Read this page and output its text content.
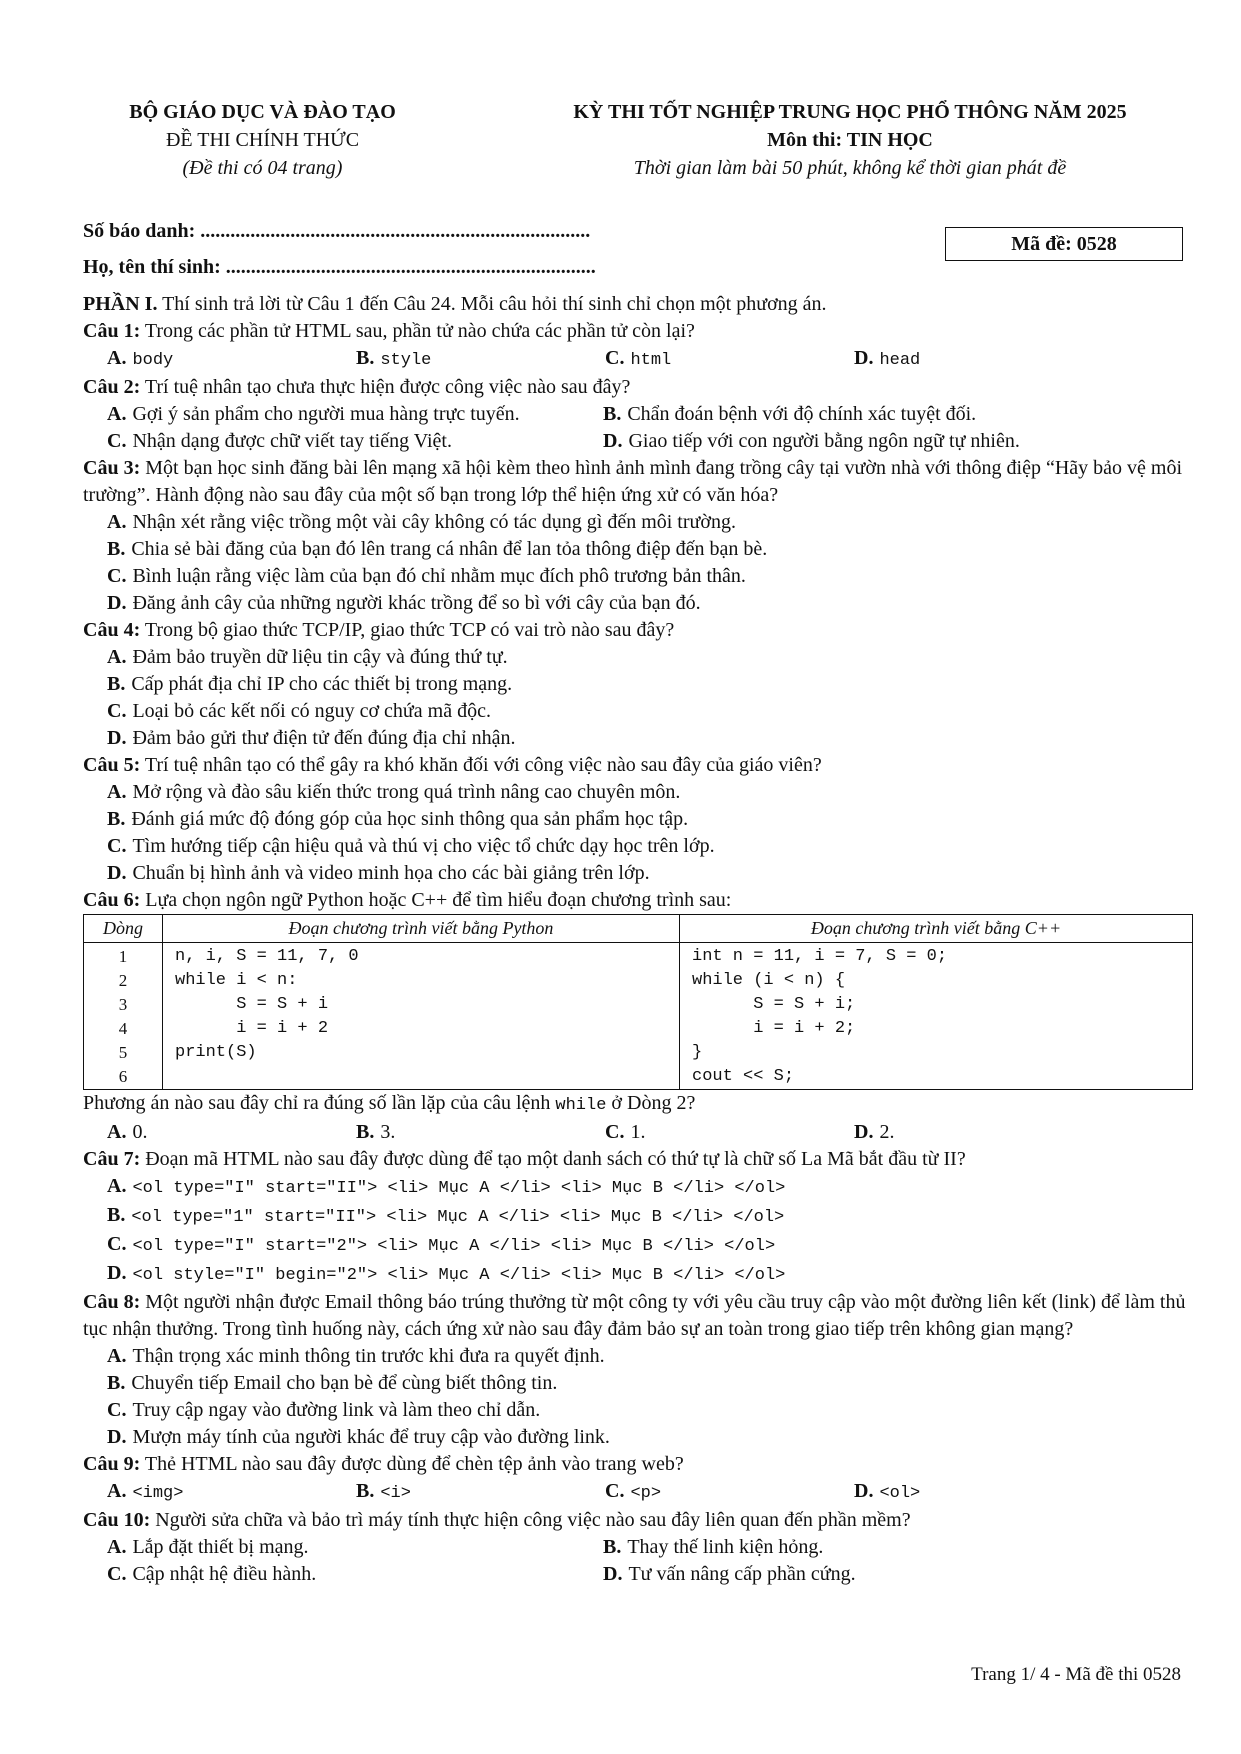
BỘ GIÁO DỤC VÀ ĐÀO TẠO
ĐỀ THI CHÍNH THỨC
(Đề thi có 04 trang)
KỲ THI TỐT NGHIỆP TRUNG HỌC PHỔ THÔNG NĂM 2025
Môn thi: TIN HỌC
Thời gian làm bài 50 phút, không kể thời gian phát đề
Số báo danh: ..............................................................................
Họ, tên thí sinh: ..........................................................................
Mã đề: 0528

PHẦN I. Thí sinh trả lời từ Câu 1 đến Câu 24. Mỗi câu hỏi thí sinh chỉ chọn một phương án.

Câu 1: Trong các phần tử HTML sau, phần tử nào chứa các phần tử còn lại?

A. body	B. style	C. html	D. head

Câu 2: Trí tuệ nhân tạo chưa thực hiện được công việc nào sau đây?

A. Gợi ý sản phẩm cho người mua hàng trực tuyến.	B. Chẩn đoán bệnh với độ chính xác tuyệt đối.
C. Nhận dạng được chữ viết tay tiếng Việt.	D. Giao tiếp với con người bằng ngôn ngữ tự nhiên.

Câu 3: Một bạn học sinh đăng bài lên mạng xã hội kèm theo hình ảnh mình đang trồng cây tại vườn nhà với thông điệp “Hãy bảo vệ môi trường”. Hành động nào sau đây của một số bạn trong lớp thể hiện ứng xử có văn hóa?

A. Nhận xét rằng việc trồng một vài cây không có tác dụng gì đến môi trường.
B. Chia sẻ bài đăng của bạn đó lên trang cá nhân để lan tỏa thông điệp đến bạn bè.
C. Bình luận rằng việc làm của bạn đó chỉ nhằm mục đích phô trương bản thân.
D. Đăng ảnh cây của những người khác trồng để so bì với cây của bạn đó.

Câu 4: Trong bộ giao thức TCP/IP, giao thức TCP có vai trò nào sau đây?

A. Đảm bảo truyền dữ liệu tin cậy và đúng thứ tự.
B. Cấp phát địa chỉ IP cho các thiết bị trong mạng.
C. Loại bỏ các kết nối có nguy cơ chứa mã độc.
D. Đảm bảo gửi thư điện tử đến đúng địa chỉ nhận.

Câu 5: Trí tuệ nhân tạo có thể gây ra khó khăn đối với công việc nào sau đây của giáo viên?

A. Mở rộng và đào sâu kiến thức trong quá trình nâng cao chuyên môn.
B. Đánh giá mức độ đóng góp của học sinh thông qua sản phẩm học tập.
C. Tìm hướng tiếp cận hiệu quả và thú vị cho việc tổ chức dạy học trên lớp.
D. Chuẩn bị hình ảnh và video minh họa cho các bài giảng trên lớp.

Câu 6: Lựa chọn ngôn ngữ Python hoặc C++ để tìm hiểu đoạn chương trình sau:

Dòng	Đoạn chương trình viết bằng Python	Đoạn chương trình viết bằng C++
1	n, i, S = 11, 7, 0	int n = 11, i = 7, S = 0;
2	while i < n:	while (i < n) {
3	S = S + i	S = S + i;
4	i = i + 2	i = i + 2;
5	print(S)	}
6		cout << S;

Phương án nào sau đây chỉ ra đúng số lần lặp của câu lệnh while ở Dòng 2?

A. 0.	B. 3.	C. 1.	D. 2.

Câu 7: Đoạn mã HTML nào sau đây được dùng để tạo một danh sách có thứ tự là chữ số La Mã bắt đầu từ II?

A. <ol type="I" start="II"> <li> Mục A </li> <li> Mục B </li> </ol>
B. <ol type="1" start="II"> <li> Mục A </li> <li> Mục B </li> </ol>
C. <ol type="I" start="2"> <li> Mục A </li> <li> Mục B </li> </ol>
D. <ol style="I" begin="2"> <li> Mục A </li> <li> Mục B </li> </ol>

Câu 8: Một người nhận được Email thông báo trúng thưởng từ một công ty với yêu cầu truy cập vào một đường liên kết (link) để làm thủ tục nhận thưởng. Trong tình huống này, cách ứng xử nào sau đây đảm bảo sự an toàn trong giao tiếp trên không gian mạng?

A. Thận trọng xác minh thông tin trước khi đưa ra quyết định.
B. Chuyển tiếp Email cho bạn bè để cùng biết thông tin.
C. Truy cập ngay vào đường link và làm theo chỉ dẫn.
D. Mượn máy tính của người khác để truy cập vào đường link.

Câu 9: Thẻ HTML nào sau đây được dùng để chèn tệp ảnh vào trang web?

A. <img>	B. <i>	C. <p>	D. <ol>

Câu 10: Người sửa chữa và bảo trì máy tính thực hiện công việc nào sau đây liên quan đến phần mềm?

A. Lắp đặt thiết bị mạng.	B. Thay thế linh kiện hỏng.
C. Cập nhật hệ điều hành.	D. Tư vấn nâng cấp phần cứng.
Trang 1/ 4 - Mã đề thi 0528
